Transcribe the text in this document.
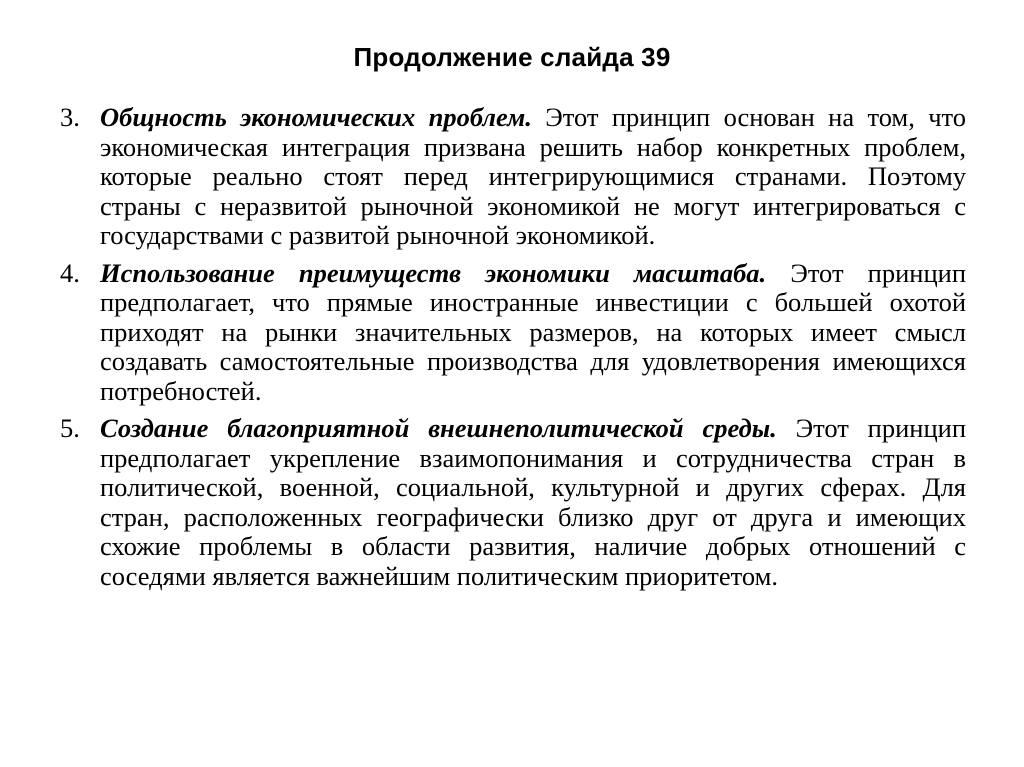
Продолжение слайда 39
3. Общность экономических проблем. Этот принцип основан на том, что экономическая интеграция призвана решить набор конкретных проблем, которые реально стоят перед интегрирующимися странами. Поэтому страны с неразвитой рыночной экономикой не могут интегрироваться с государствами с развитой рыночной экономикой.
4. Использование преимуществ экономики масштаба. Этот принцип предполагает, что прямые иностранные инвестиции с большей охотой приходят на рынки значительных размеров, на которых имеет смысл создавать самостоятельные производства для удовлетворения имеющихся потребностей.
5. Создание благоприятной внешнеполитической среды. Этот принцип предполагает укрепление взаимопонимания и сотрудничества стран в политической, военной, социальной, культурной и других сферах. Для стран, расположенных географически близко друг от друга и имеющих схожие проблемы в области развития, наличие добрых отношений с соседями является важнейшим политическим приоритетом.
